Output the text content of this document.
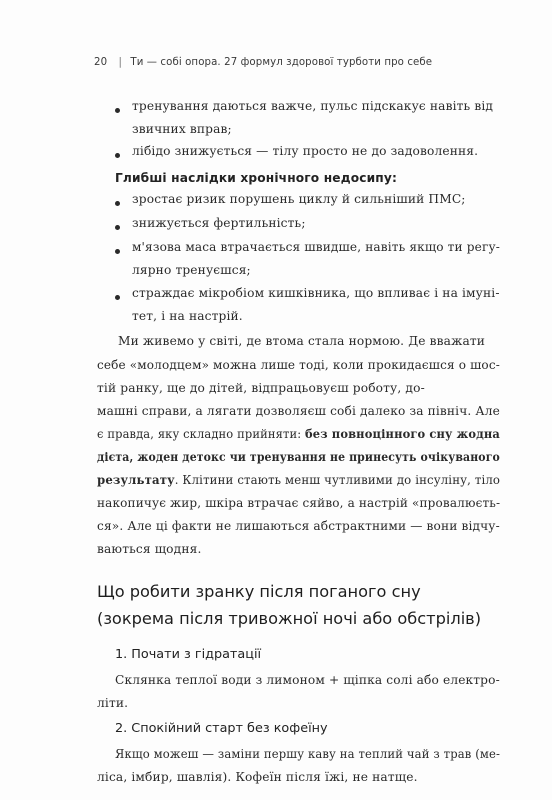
20 | Ти — собі опора. 27 формул здорової турботи про себе
тренування даються важче, пульс підскакує навіть від
звичних вправ;
лібідо знижується — тілу просто не до задоволення.
Глибші наслідки хронічного недосипу:
зростає ризик порушень циклу й сильніший ПМС;
знижується фертильність;
м'язова маса втрачається швидше, навіть якщо ти регу-
лярно тренуєшся;
страждає мікробіом кишківника, що впливає і на імуні-
тет, і на настрій.
Ми живемо у світі, де втома стала нормою. Де вважати
себе «молодцем» можна лише тоді, коли прокидаєшся о шос-
тій ранку, ще до дітей, відпрацьовуєш роботу, до-
машні справи, а лягати дозволяєш собі далеко за північ. Але
є правда, яку складно прийняти: без повноцінного сну жодна
дієта, жоден детокс чи тренування не принесуть очікуваного
результату. Клітини стають менш чутливими до інсуліну, тіло
накопичує жир, шкіра втрачає сяйво, а настрій «провалюєть-
ся». Але ці факти не лишаються абстрактними — вони відчу-
ваються щодня.
Що робити зранку після поганого сну
(зокрема після тривожної ночі або обстрілів)
1. Почати з гідратації
Склянка теплої води з лимоном + щіпка солі або електро-
літи.
2. Спокійний старт без кофеїну
Якщо можеш — заміни першу каву на теплий чай з трав (ме-
ліса, імбир, шавлія). Кофеїн після їжі, не натще.
